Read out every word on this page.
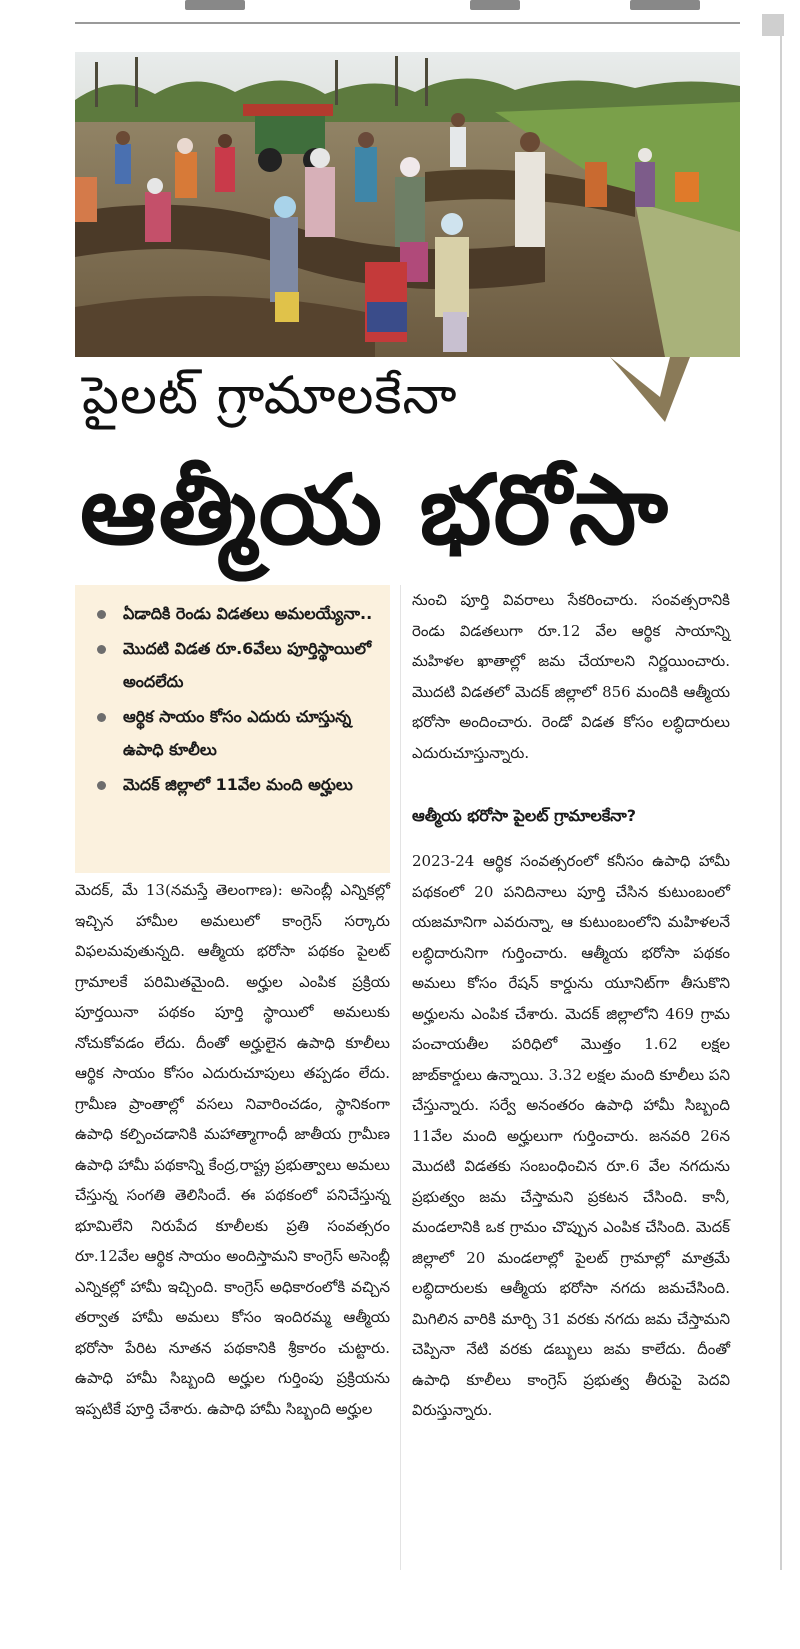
పైలట్ గ్రామాలకేనా
ఆత్మీయ భరోసా
ఏడాదికి రెండు విడతలు అమలయ్యేనా..
మొదటి విడత రూ.6వేలు పూర్తిస్థాయిలో అందలేదు
ఆర్థిక సాయం కోసం ఎదురు చూస్తున్న ఉపాధి కూలీలు
మెదక్ జిల్లాలో 11వేల మంది అర్హులు

మెదక్, మే 13(నమస్తే తెలంగాణ): అసెంబ్లీ ఎన్నికల్లో ఇచ్చిన హామీల అమలులో కాంగ్రెస్ సర్కారు విఫలమవుతున్నది. ఆత్మీయ భరోసా పథకం పైలట్ గ్రామాలకే పరిమితమైంది. అర్హుల ఎంపిక ప్రక్రియ పూర్తయినా పథకం పూర్తి స్థాయిలో అమలుకు నోచుకోవడం లేదు. దీంతో అర్హులైన ఉపాధి కూలీలు ఆర్థిక సాయం కోసం ఎదురుచూపులు తప్పడం లేదు. గ్రామీణ ప్రాంతాల్లో వసలు నివారించడం, స్థానికంగా ఉపాధి కల్పించడానికి మహాత్మాగాంధీ జాతీయ గ్రామీణ ఉపాధి హామీ పథకాన్ని కేంద్ర,రాష్ట్ర ప్రభుత్వాలు అమలు చేస్తున్న సంగతి తెలిసిందే. ఈ పథకంలో పనిచేస్తున్న భూమిలేని నిరుపేద కూలీలకు ప్రతి సంవత్సరం రూ.12వేల ఆర్థిక సాయం అందిస్తామని కాంగ్రెస్ అసెంబ్లీ ఎన్నికల్లో హామీ ఇచ్చింది. కాంగ్రెస్ అధికారంలోకి వచ్చిన తర్వాత హామీ అమలు కోసం ఇందిరమ్మ ఆత్మీయ భరోసా పేరిట నూతన పథకానికి శ్రీకారం చుట్టారు. ఉపాధి హామీ సిబ్బంది అర్హుల గుర్తింపు ప్రక్రియను ఇప్పటికే పూర్తి చేశారు. ఉపాధి హామీ సిబ్బంది అర్హుల

నుంచి పూర్తి వివరాలు సేకరించారు. సంవత్సరానికి రెండు విడతలుగా రూ.12 వేల ఆర్థిక సాయాన్ని మహిళల ఖాతాల్లో జమ చేయాలని నిర్ణయించారు. మొదటి విడతలో మెదక్ జిల్లాలో 856 మందికి ఆత్మీయ భరోసా అందించారు. రెండో విడత కోసం లబ్ధిదారులు ఎదురుచూస్తున్నారు.

ఆత్మీయ భరోసా పైలట్ గ్రామాలకేనా?

2023-24 ఆర్థిక సంవత్సరంలో కనీసం ఉపాధి హామీ పథకంలో 20 పనిదినాలు పూర్తి చేసిన కుటుంబంలో యజమానిగా ఎవరున్నా, ఆ కుటుంబంలోని మహిళలనే లబ్ధిదారునిగా గుర్తించారు. ఆత్మీయ భరోసా పథకం అమలు కోసం రేషన్ కార్డును యూనిట్‌గా తీసుకొని అర్హులను ఎంపిక చేశారు. మెదక్ జిల్లాలోని 469 గ్రామ పంచాయతీల పరిధిలో మొత్తం 1.62 లక్షల జాబ్‌కార్డులు ఉన్నాయి. 3.32 లక్షల మంది కూలీలు పని చేస్తున్నారు. సర్వే అనంతరం ఉపాధి హామీ సిబ్బంది 11వేల మంది అర్హులుగా గుర్తించారు. జనవరి 26న మొదటి విడతకు సంబంధించిన రూ.6 వేల నగదును ప్రభుత్వం జమ చేస్తామని ప్రకటన చేసింది. కానీ, మండలానికి ఒక గ్రామం చొప్పున ఎంపిక చేసింది. మెదక్ జిల్లాలో 20 మండలాల్లో పైలట్ గ్రామాల్లో మాత్రమే లబ్ధిదారులకు ఆత్మీయ భరోసా నగదు జమచేసింది. మిగిలిన వారికి మార్చి 31 వరకు నగదు జమ చేస్తామని చెప్పినా నేటి వరకు డబ్బులు జమ కాలేదు. దీంతో ఉపాధి కూలీలు కాంగ్రెస్ ప్రభుత్వ తీరుపై పెదవి విరుస్తున్నారు.
